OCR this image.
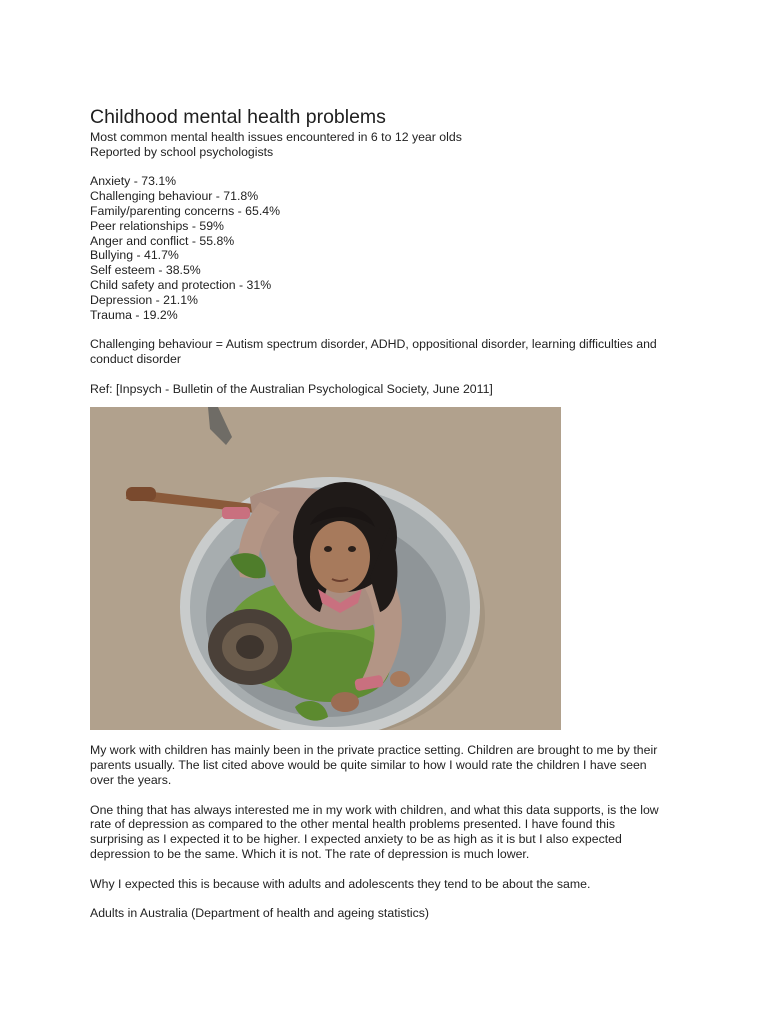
Childhood mental health problems

Most common mental health issues encountered in 6 to 12 year olds

Reported by school psychologists

Anxiety - 73.1%

Challenging behaviour - 71.8%

Family/parenting concerns - 65.4%

Peer relationships - 59%

Anger and conflict - 55.8%

Bullying - 41.7%

Self esteem - 38.5%

Child safety and protection - 31%

Depression - 21.1%

Trauma - 19.2%

Challenging behaviour = Autism spectrum disorder, ADHD, oppositional disorder, learning difficulties and

conduct disorder

Ref: [Inpsych - Bulletin of the Australian Psychological Society, June 2011]

My work with children has mainly been in the private practice setting. Children are brought to me by their

parents usually. The list cited above would be quite similar to how I would rate the children I have seen

over the years.

One thing that has always interested me in my work with children, and what this data supports, is the low

rate of depression as compared to the other mental health problems presented. I have found this

surprising as I expected it to be higher. I expected anxiety to be as high as it is but I also expected

depression to be the same. Which it is not. The rate of depression is much lower.

Why I expected this is because with adults and adolescents they tend to be about the same.

Adults in Australia (Department of health and ageing statistics)
